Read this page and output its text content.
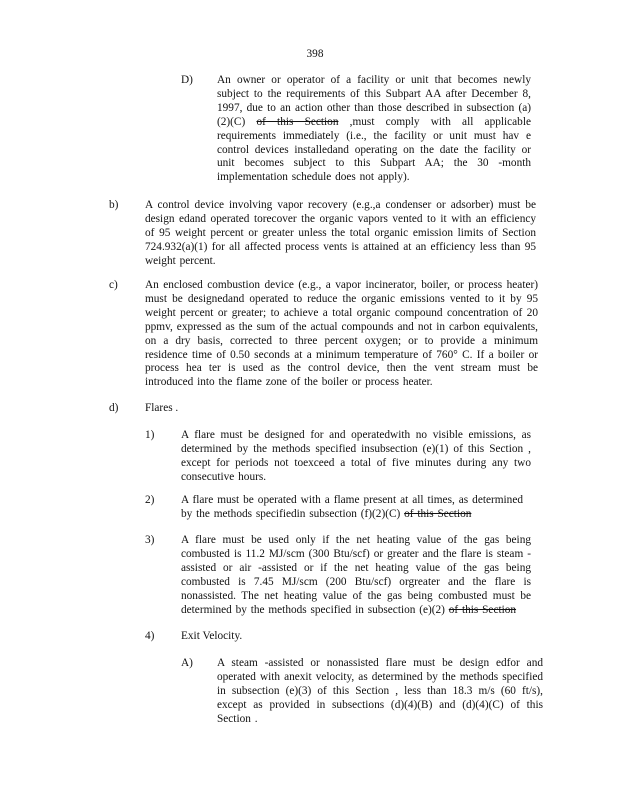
398
D) An owner or operator of a facility or unit that becomes newly subject to the requirements of this Subpart AA after December 8, 1997, due to an action other than those described in subsection (a)(2)(C) of this Section ,must comply with all applicable requirements immediately (i.e., the facility or unit must hav e control devices installedand operating on the date the facility or unit becomes subject to this Subpart AA; the 30 -month implementation schedule does not apply).
b) A control device involving vapor recovery (e.g.,a condenser or adsorber) must be design edand operated torecover the organic vapors vented to it with an efficiency of 95 weight percent or greater unless the total organic emission limits of Section 724.932(a)(1) for all affected process vents is attained at an efficiency less than 95 weight percent.
c) An enclosed combustion device (e.g., a vapor incinerator, boiler, or process heater) must be designedand operated to reduce the organic emissions vented to it by 95 weight percent or greater; to achieve a total organic compound concentration of 20 ppmv, expressed as the sum of the actual compounds and not in carbon equivalents, on a dry basis, corrected to three percent oxygen; or to provide a minimum residence time of 0.50 seconds at a minimum temperature of 760° C. If a boiler or process hea ter is used as the control device, then the vent stream must be introduced into the flame zone of the boiler or process heater.
d) Flares .
1) A flare must be designed for and operatedwith no visible emissions, as determined by the methods specified insubsection (e)(1) of this Section , except for periods not toexceed a total of five minutes during any two consecutive hours.
2) A flare must be operated with a flame present at all times, as determined by the methods specifiedin subsection (f)(2)(C) of this Section
3) A flare must be used only if the net heating value of the gas being combusted is 11.2 MJ/scm (300 Btu/scf) or greater and the flare is steam -assisted or air -assisted or if the net heating value of the gas being combusted is 7.45 MJ/scm (200 Btu/scf) orgreater and the flare is nonassisted. The net heating value of the gas being combusted must be determined by the methods specified in subsection (e)(2) of this Section
4) Exit Velocity.
A) A steam -assisted or nonassisted flare must be design edfor and operated with anexit velocity, as determined by the methods specified in subsection (e)(3) of this Section , less than 18.3 m/s (60 ft/s), except as provided in subsections (d)(4)(B) and (d)(4)(C) of this Section .
